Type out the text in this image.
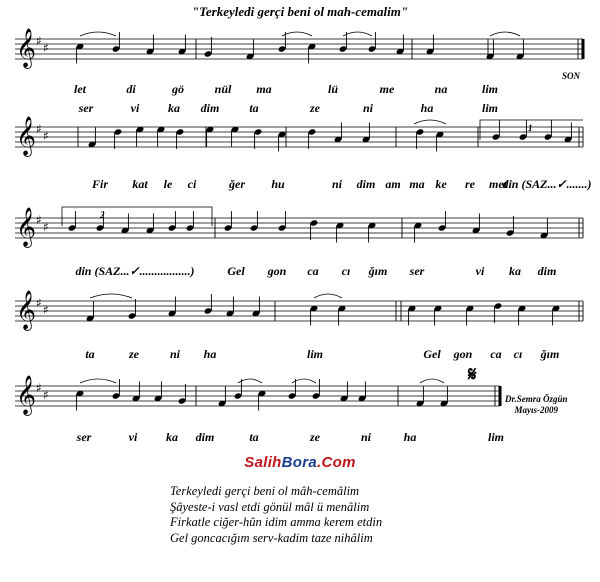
"Terkeyledi gerçi beni ol mah-cemalim"
𝄞 ♯ ♯
𝄞 ♯ ♯
𝄞 ♯ ♯
𝄞 ♯ ♯
𝄞 ♯ ♯
𝄋
SON
1
2
let	di	gö	nül ma	lü	me	na	lim
ser	vi ka dim ta	ze	ni	ha	lim
Fir kat le ci	ğer hu	ni dim am ma ke re met
din (SAZ...✓.......)
din (SAZ...✓.................)	Gel gon ca cı ğım ser	vi ka dim
ta	ze	ni ha	lim	Gel gon ca cı ğım
ser	vi ka dim	ta	ze	ni	ha	lim
Dr.Semra Özgün
Mayıs-2009
SalihBora.Com
Terkeyledi gerçi beni ol mâh-cemâlim
Şâyeste-i vasl etdi gönül mâl ü menâlim
Firkatle ciğer-hûn idim amma kerem etdin
Gel goncacığım serv-kadim taze nihâlim
